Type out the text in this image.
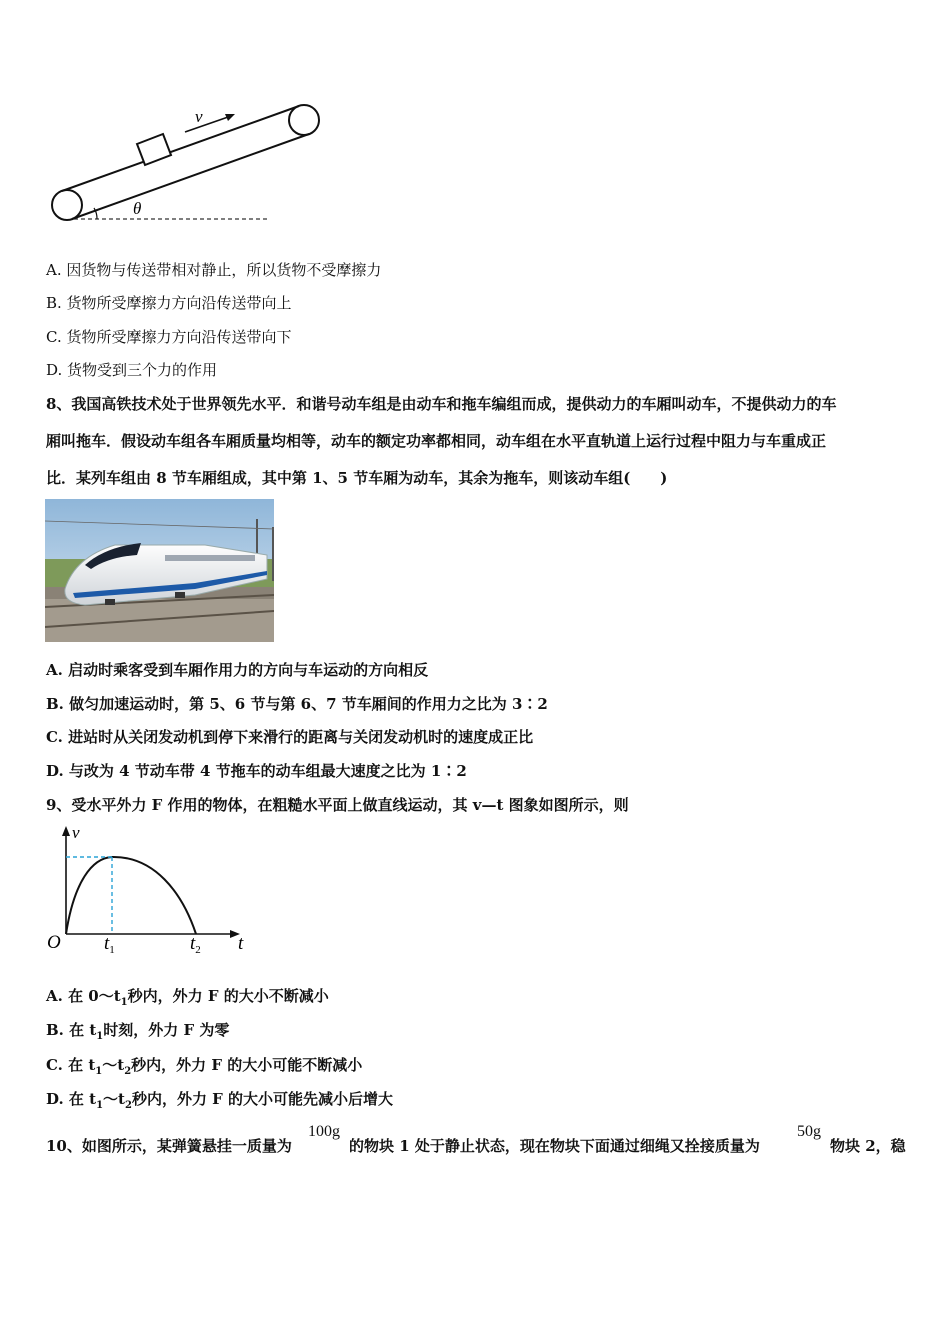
v
θ
A. 因货物与传送带相对静止，所以货物不受摩擦力
B. 货物所受摩擦力方向沿传送带向上
C. 货物所受摩擦力方向沿传送带向下
D. 货物受到三个力的作用
8、我国高铁技术处于世界领先水平．和谐号动车组是由动车和拖车编组而成，提供动力的车厢叫动车，不提供动力的车
厢叫拖车．假设动车组各车厢质量均相等，动车的额定功率都相同，动车组在水平直轨道上运行过程中阻力与车重成正
比．某列车组由 8 节车厢组成，其中第 1、5 节车厢为动车，其余为拖车，则该动车组(　　)
A. 启动时乘客受到车厢作用力的方向与车运动的方向相反
B. 做匀加速运动时，第 5、6 节与第 6、7 节车厢间的作用力之比为 3∶2
C. 进站时从关闭发动机到停下来滑行的距离与关闭发动机时的速度成正比
D. 与改为 4 节动车带 4 节拖车的动车组最大速度之比为 1∶2
9、受水平外力 F 作用的物体，在粗糙水平面上做直线运动，其 v—t 图象如图所示，则
v
O $t_1$	$t_2$ t
A. 在 $0\sim t_1$秒内，外力 F 的大小不断减小
B. 在 $t_1$时刻，外力 F 为零
C. 在 $t_1\sim t_2$秒内，外力 F 的大小可能不断减小
D. 在 $t_1\sim t_2$秒内，外力 F 的大小可能先减小后增大
10、如图所示，某弹簧悬挂一质量为
100g
的物块 1 处于静止状态，现在物块下面通过细绳又拴接质量为
50g
物块 2，稳
